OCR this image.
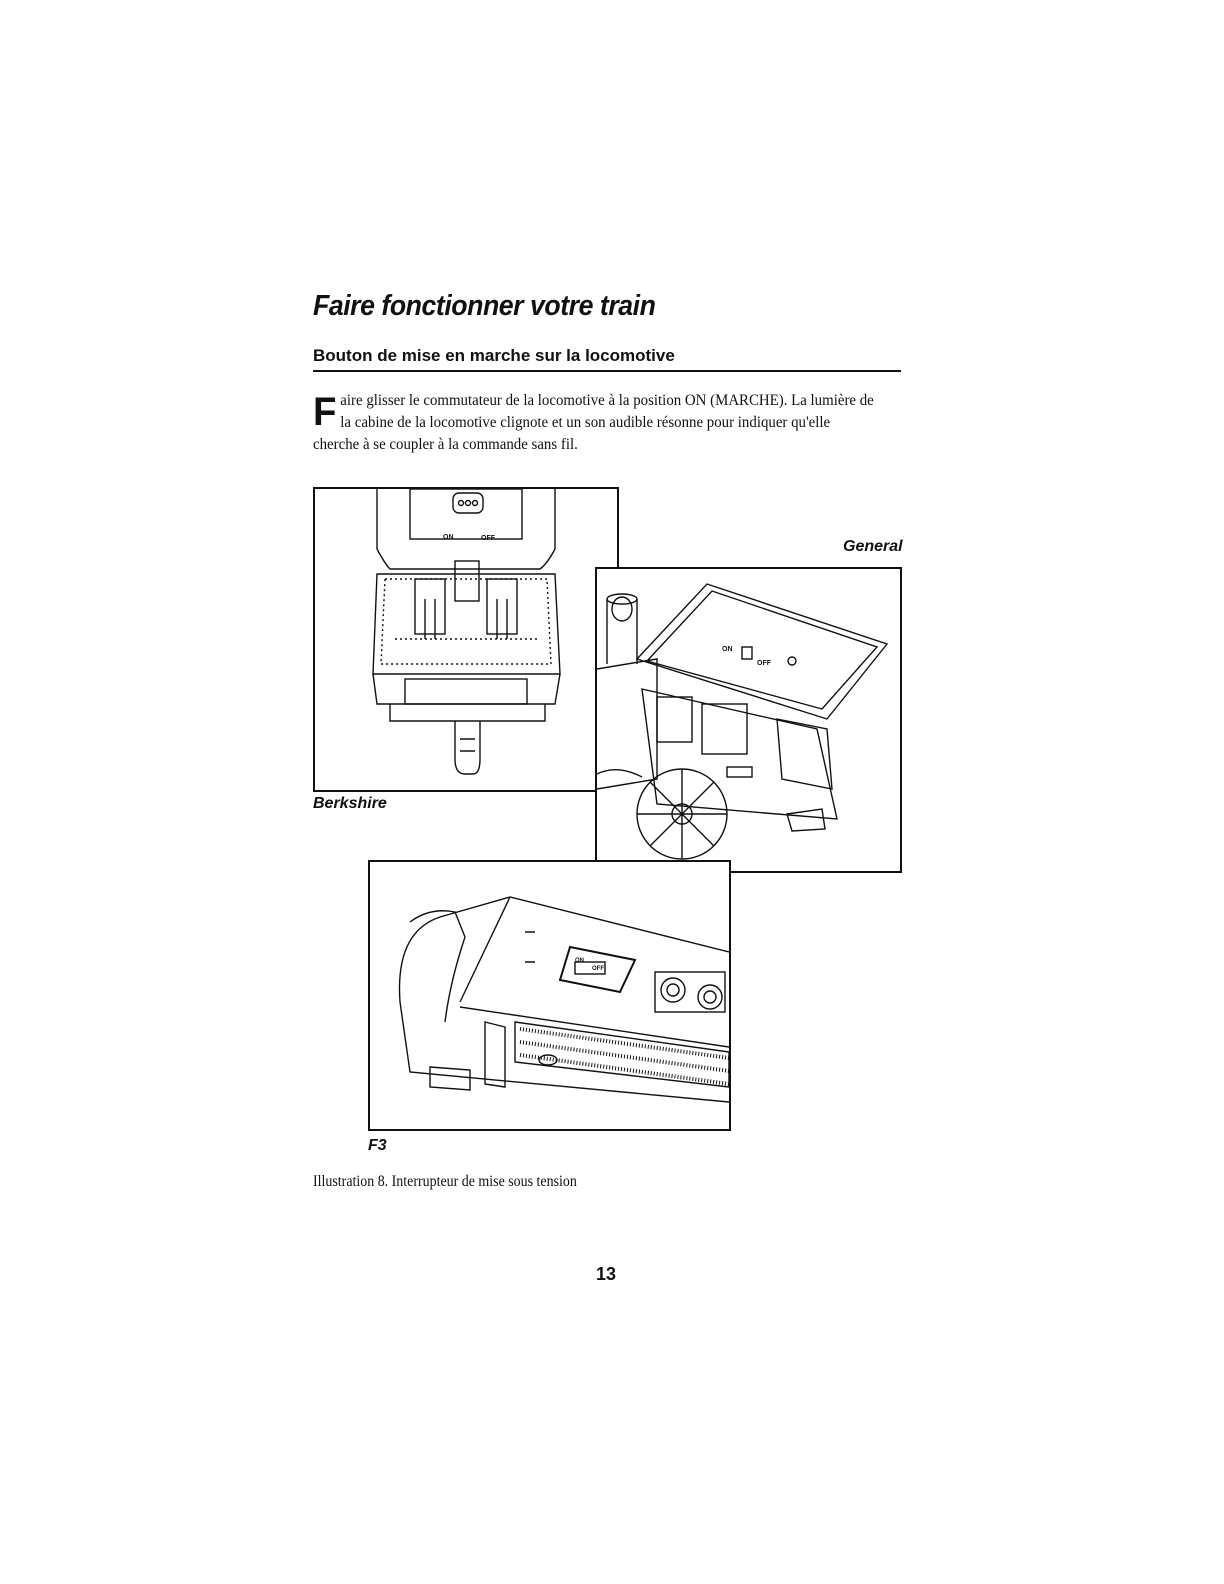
Faire fonctionner votre train
Bouton de mise en marche sur la locomotive
Faire glisser le commutateur de la locomotive à la position ON (MARCHE). La lumière de la cabine de la locomotive clignote et un son audible résonne pour indiquer qu'elle cherche à se coupler à la commande sans fil.
ON	OFF
Berkshire
General
ON
OFF
ON
OFF
F3
Illustration 8. Interrupteur de mise sous tension
13
